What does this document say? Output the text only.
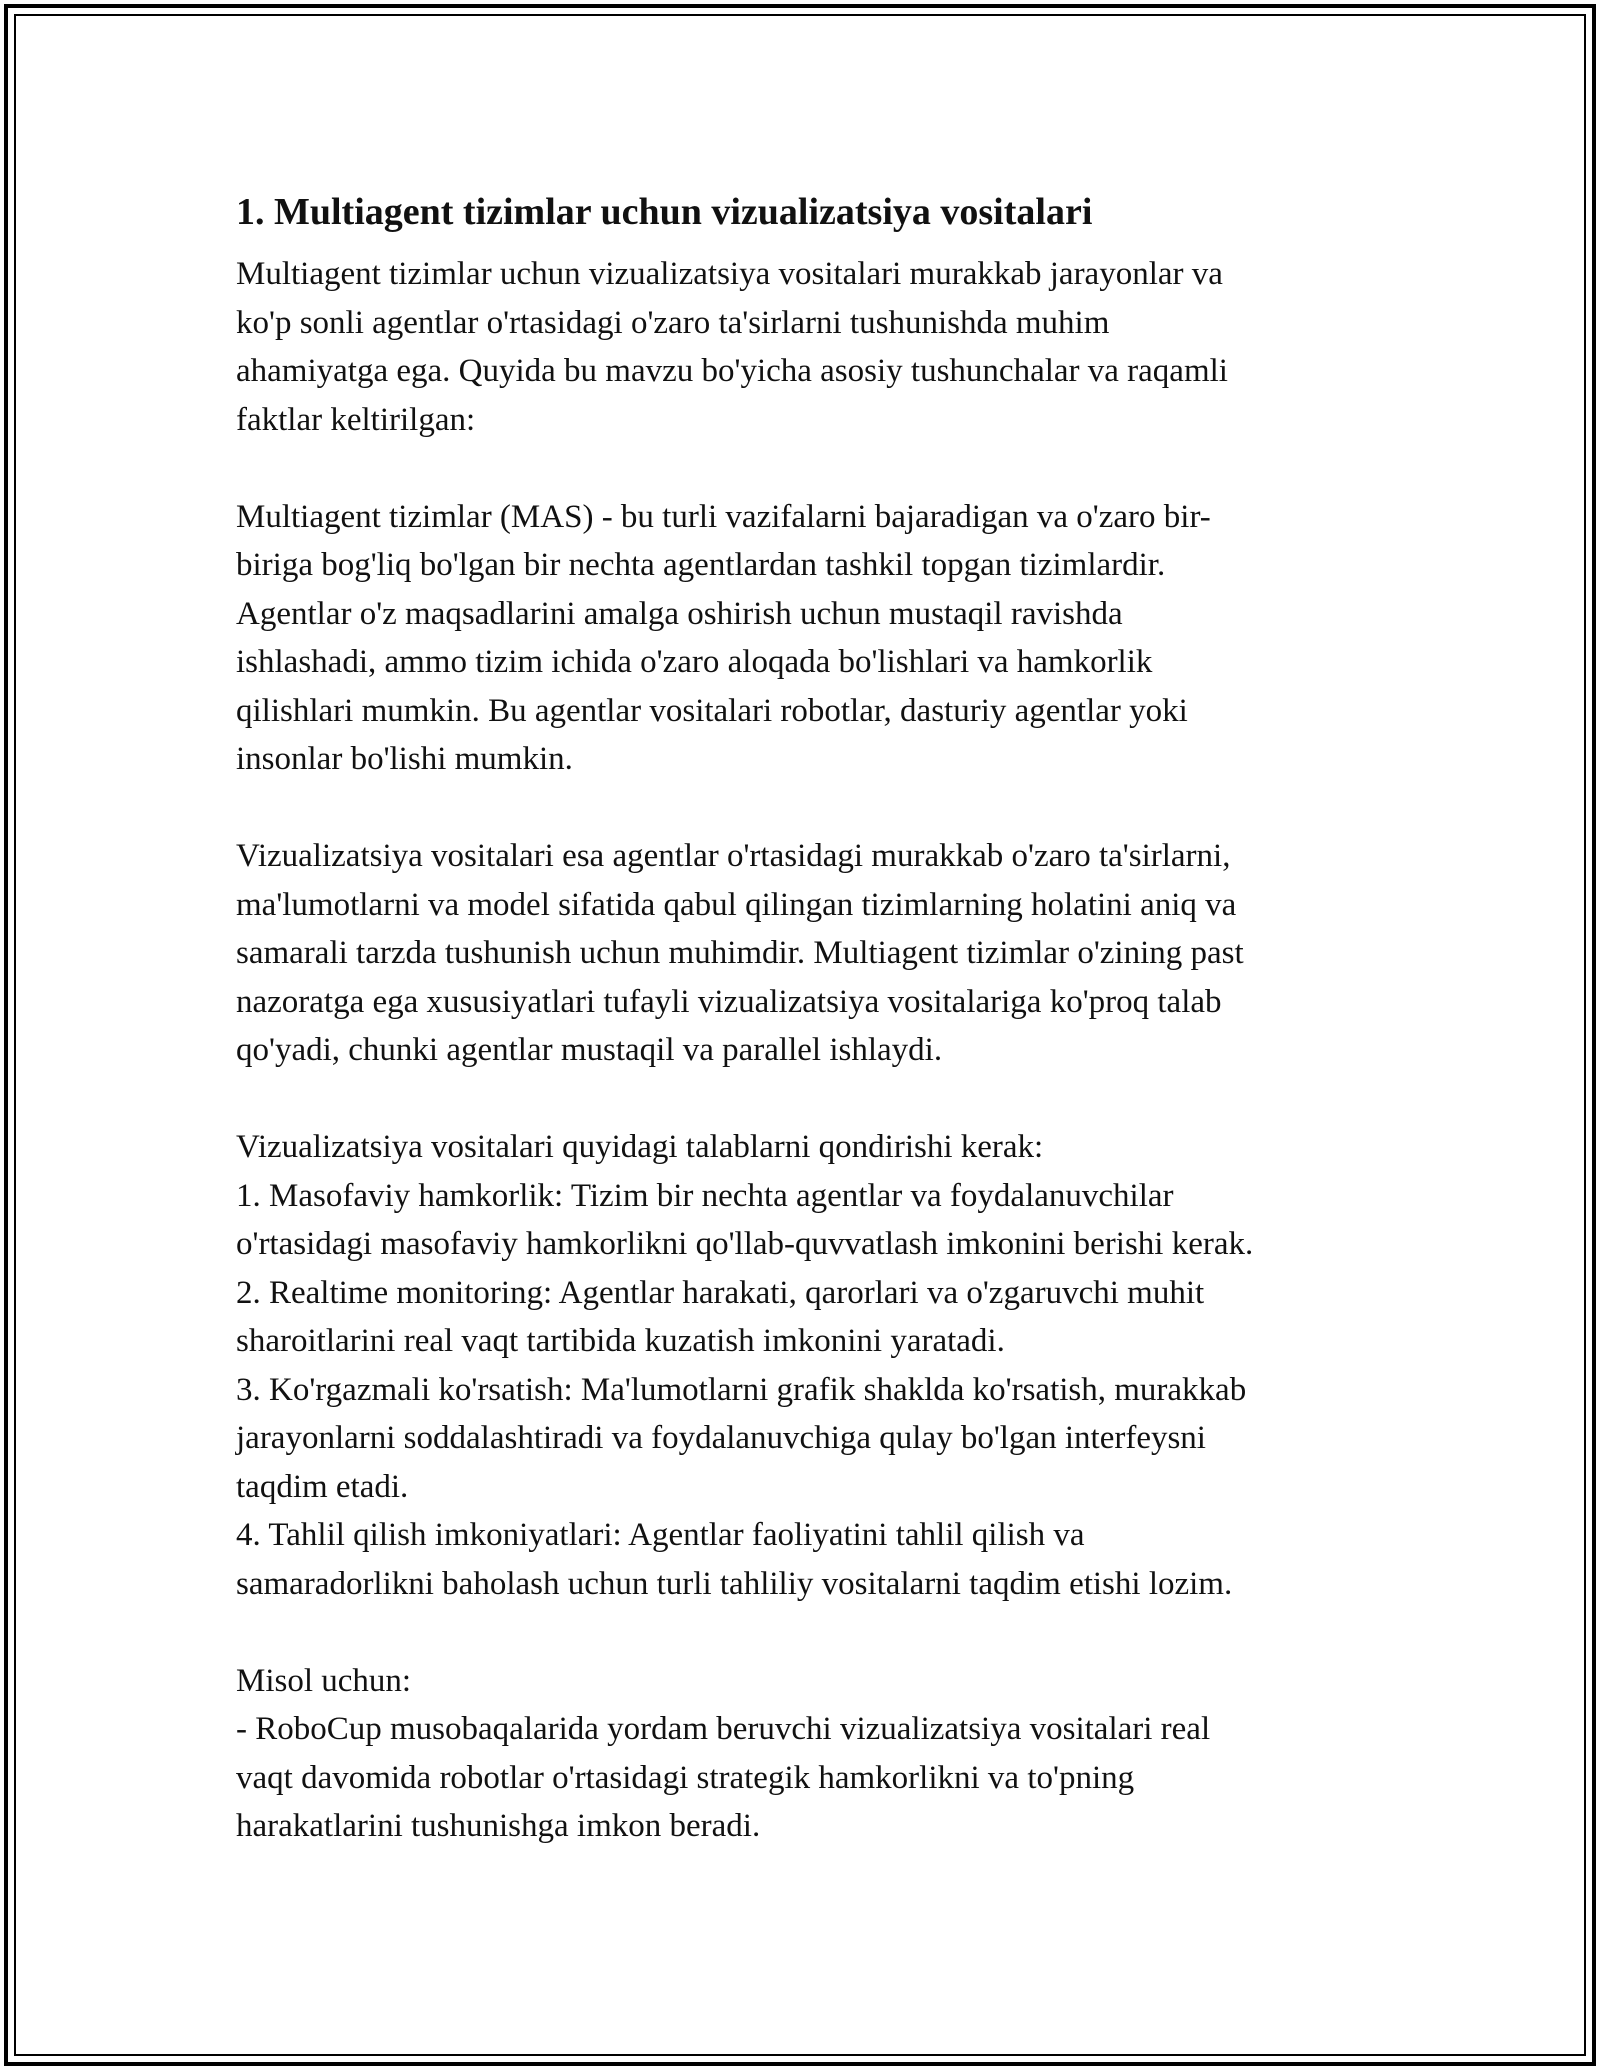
1. Multiagent tizimlar uchun vizualizatsiya vositalari
Multiagent tizimlar uchun vizualizatsiya vositalari murakkab jarayonlar va
ko'p sonli agentlar o'rtasidagi o'zaro ta'sirlarni tushunishda muhim
ahamiyatga ega. Quyida bu mavzu bo'yicha asosiy tushunchalar va raqamli
faktlar keltirilgan:
Multiagent tizimlar (MAS) - bu turli vazifalarni bajaradigan va o'zaro bir-
biriga bog'liq bo'lgan bir nechta agentlardan tashkil topgan tizimlardir.
Agentlar o'z maqsadlarini amalga oshirish uchun mustaqil ravishda
ishlashadi, ammo tizim ichida o'zaro aloqada bo'lishlari va hamkorlik
qilishlari mumkin. Bu agentlar vositalari robotlar, dasturiy agentlar yoki
insonlar bo'lishi mumkin.
Vizualizatsiya vositalari esa agentlar o'rtasidagi murakkab o'zaro ta'sirlarni,
ma'lumotlarni va model sifatida qabul qilingan tizimlarning holatini aniq va
samarali tarzda tushunish uchun muhimdir. Multiagent tizimlar o'zining past
nazoratga ega xususiyatlari tufayli vizualizatsiya vositalariga ko'proq talab
qo'yadi, chunki agentlar mustaqil va parallel ishlaydi.
Vizualizatsiya vositalari quyidagi talablarni qondirishi kerak:
1. Masofaviy hamkorlik: Tizim bir nechta agentlar va foydalanuvchilar
o'rtasidagi masofaviy hamkorlikni qo'llab-quvvatlash imkonini berishi kerak.
2. Realtime monitoring: Agentlar harakati, qarorlari va o'zgaruvchi muhit
sharoitlarini real vaqt tartibida kuzatish imkonini yaratadi.
3. Ko'rgazmali ko'rsatish: Ma'lumotlarni grafik shaklda ko'rsatish, murakkab
jarayonlarni soddalashtiradi va foydalanuvchiga qulay bo'lgan interfeysni
taqdim etadi.
4. Tahlil qilish imkoniyatlari: Agentlar faoliyatini tahlil qilish va
samaradorlikni baholash uchun turli tahliliy vositalarni taqdim etishi lozim.
Misol uchun:
- RoboCup musobaqalarida yordam beruvchi vizualizatsiya vositalari real
vaqt davomida robotlar o'rtasidagi strategik hamkorlikni va to'pning
harakatlarini tushunishga imkon beradi.
